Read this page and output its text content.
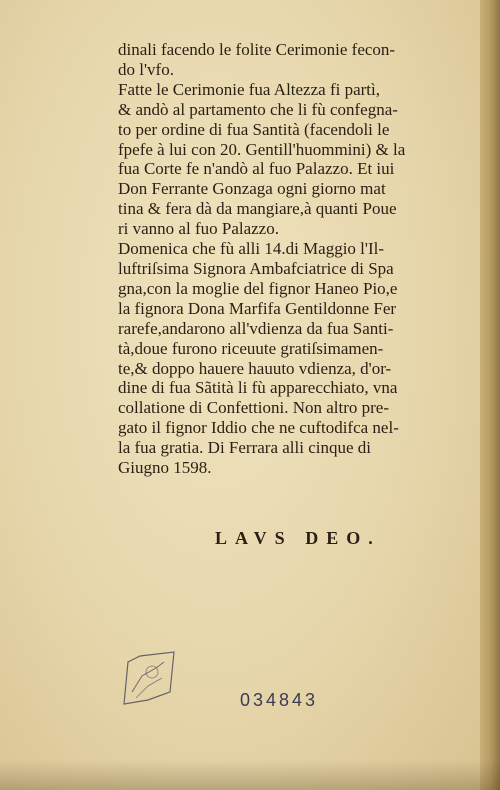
dinali facendo le folite Cerimonie fecon-
do l'vfo.
Fatte le Cerimonie fua Altezza fi partì,
& andò al partamento che li fù confegna-
to per ordine di fua Santità (facendoli le
fpefe à lui con 20. Gentill'huommini) & la
fua Corte fe n'andò al fuo Palazzo. Et iui
Don Ferrante Gonzaga ogni giorno mat
tina & fera dà da mangiare,à quanti Poue
ri vanno al fuo Palazzo.
Domenica che fù alli 14.di Maggio l'Il-
luftriſsima Signora Ambafciatrice di Spa
gna,con la moglie del fignor Haneo Pio,e
la fignora Dona Marfifa Gentildonne Fer
rarefe,andarono all'vdienza da fua Santi-
tà,doue furono riceuute gratiſsimamen-
te,& doppo hauere hauuto vdienza, d'or-
dine di fua Sãtità li fù apparecchiato, vna
collatione di Confettioni. Non altro pre-
gato il fignor Iddio che ne cuftodifca nel-
la fua gratia. Di Ferrara alli cinque di
Giugno 1598.
LAVS DEO.
034843
